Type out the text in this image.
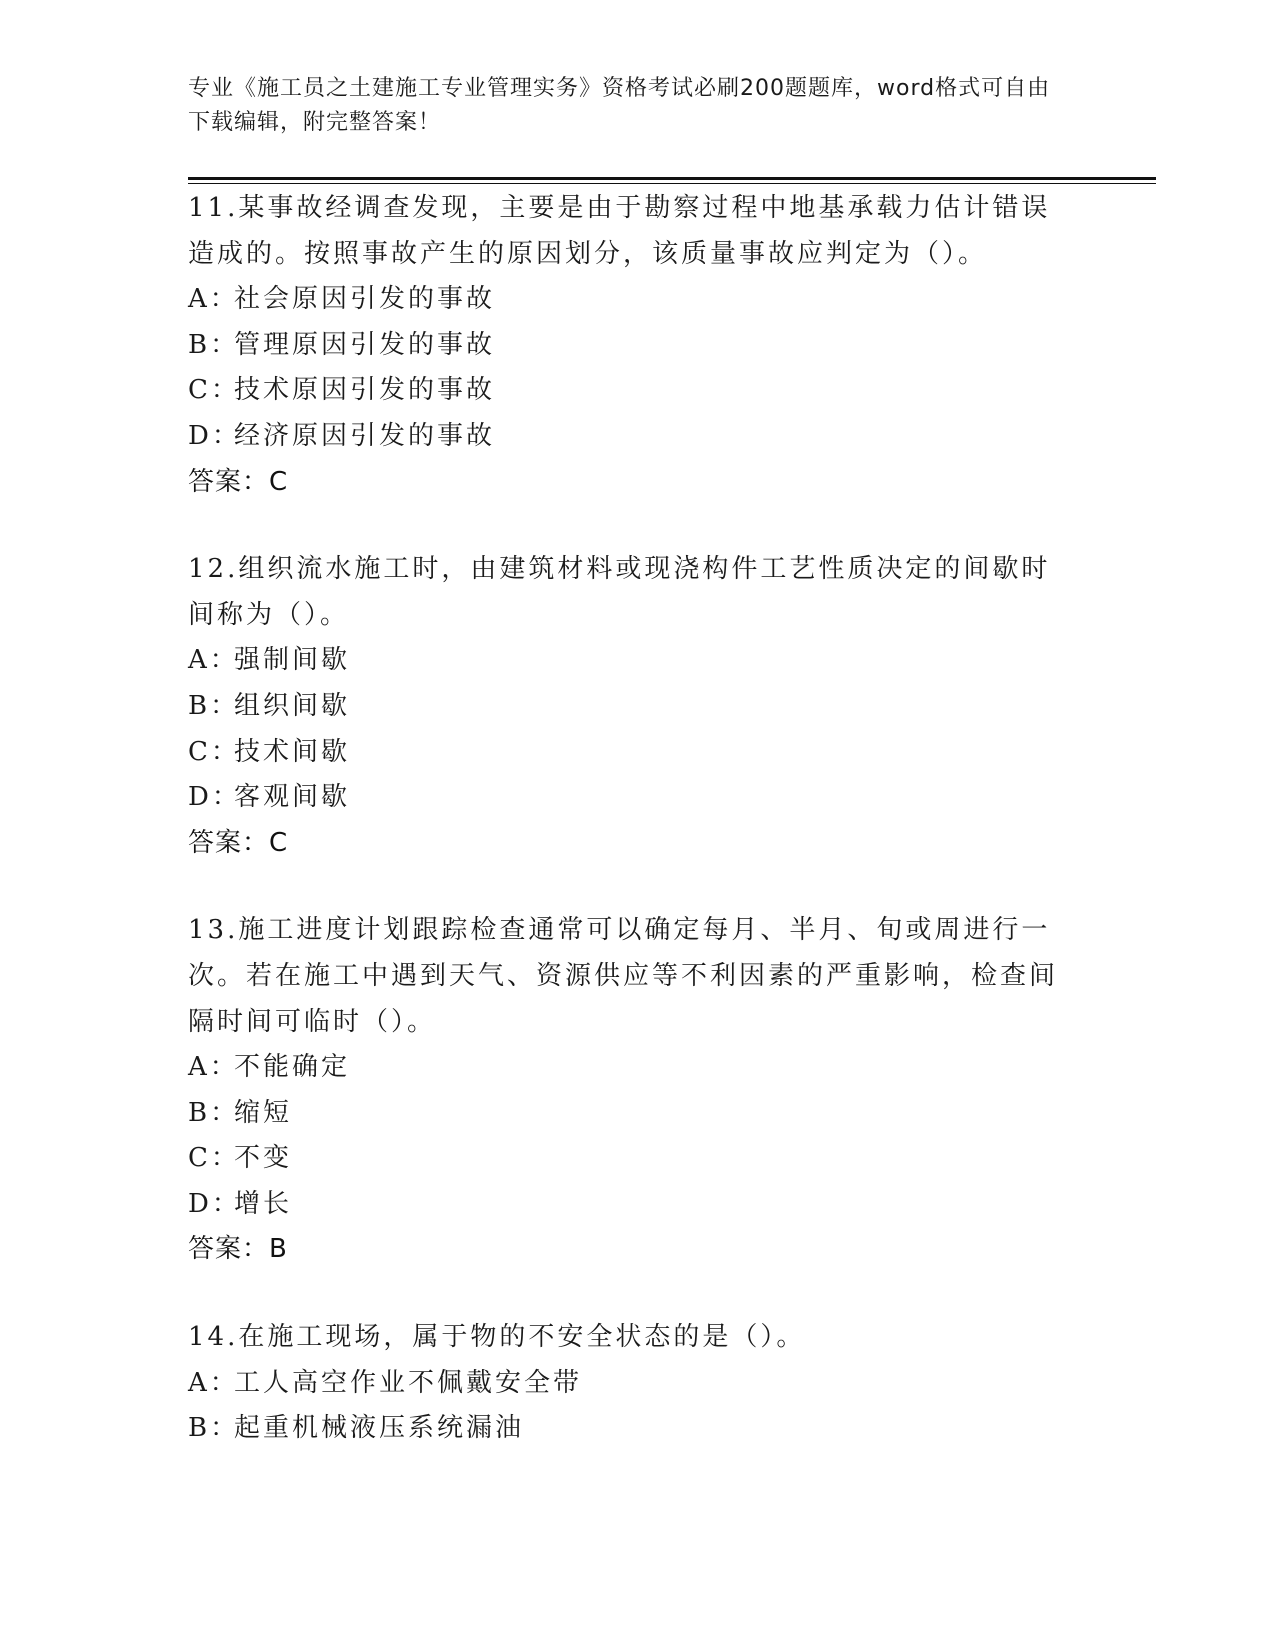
专业《施工员之土建施工专业管理实务》资格考试必刷200题题库，word格式可自由下载编辑，附完整答案！
11.某事故经调查发现，主要是由于勘察过程中地基承载力估计错误造成的。按照事故产生的原因划分，该质量事故应判定为（）。
A：社会原因引发的事故
B：管理原因引发的事故
C：技术原因引发的事故
D：经济原因引发的事故
答案：C
12.组织流水施工时，由建筑材料或现浇构件工艺性质决定的间歇时间称为（）。
A：强制间歇
B：组织间歇
C：技术间歇
D：客观间歇
答案：C
13.施工进度计划跟踪检查通常可以确定每月、半月、旬或周进行一次。若在施工中遇到天气、资源供应等不利因素的严重影响，检查间隔时间可临时（）。
A：不能确定
B：缩短
C：不变
D：增长
答案：B
14.在施工现场，属于物的不安全状态的是（）。
A：工人高空作业不佩戴安全带
B：起重机械液压系统漏油
